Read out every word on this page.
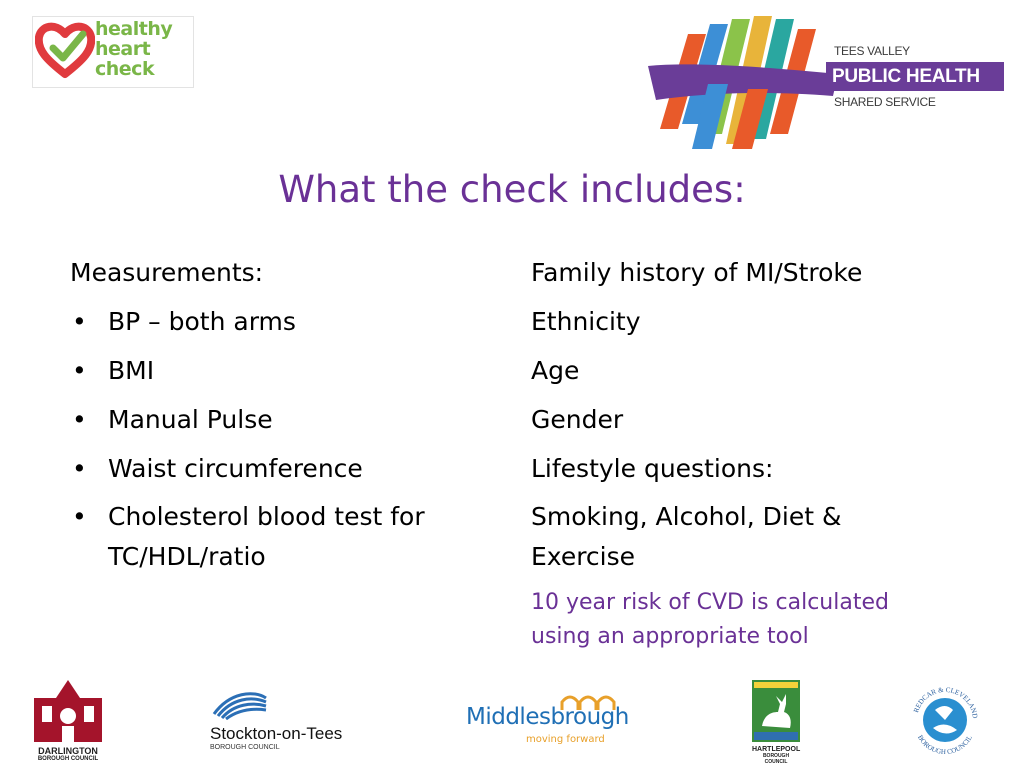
healthy
heart
check
TEES VALLEY
PUBLIC HEALTH
SHARED SERVICE
What the check includes:
Measurements:
• BP – both arms
• BMI
• Manual Pulse
• Waist circumference
• Cholesterol blood test for TC/HDL/ratio
Family history of MI/Stroke
Ethnicity
Age
Gender
Lifestyle questions:
Smoking, Alcohol, Diet & Exercise
10 year risk of CVD is calculated using an appropriate tool
DARLINGTON
BOROUGH COUNCIL
Stockton-on-Tees
BOROUGH COUNCIL
Middlesbrough
moving forward
HARTLEPOOL
BOROUGH COUNCIL
REDCAR & CLEVELAND
BOROUGH COUNCIL
